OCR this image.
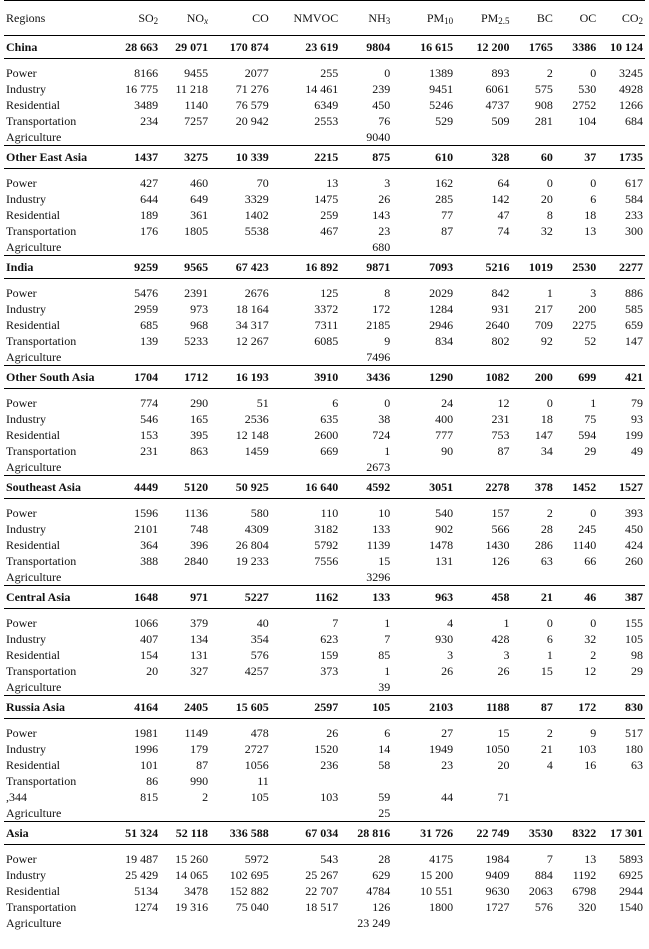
Regions	$SO_2$	$NO_x$	CO	NMVOC	$NH_3$	$PM_{10}$	$PM_{2.5}$	BC	OC	$CO_2$
China	28 663	29 071	170 874	23 619	9804	16 615	12 200	1765	3386	10 124

Power	8166	9455	2077	255	0	1389	893	2	0	3245
Industry	16 775	11 218	71 276	14 461	239	9451	6061	575	530	4928
Residential	3489	1140	76 579	6349	450	5246	4737	908	2752	1266
Transportation	234	7257	20 942	2553	76	529	509	281	104	684
Agriculture					9040					
Other East Asia	1437	3275	10 339	2215	875	610	328	60	37	1735

Power	427	460	70	13	3	162	64	0	0	617
Industry	644	649	3329	1475	26	285	142	20	6	584
Residential	189	361	1402	259	143	77	47	8	18	233
Transportation	176	1805	5538	467	23	87	74	32	13	300
Agriculture					680					
India	9259	9565	67 423	16 892	9871	7093	5216	1019	2530	2277

Power	5476	2391	2676	125	8	2029	842	1	3	886
Industry	2959	973	18 164	3372	172	1284	931	217	200	585
Residential	685	968	34 317	7311	2185	2946	2640	709	2275	659
Transportation	139	5233	12 267	6085	9	834	802	92	52	147
Agriculture					7496					
Other South Asia	1704	1712	16 193	3910	3436	1290	1082	200	699	421

Power	774	290	51	6	0	24	12	0	1	79
Industry	546	165	2536	635	38	400	231	18	75	93
Residential	153	395	12 148	2600	724	777	753	147	594	199
Transportation	231	863	1459	669	1	90	87	34	29	49
Agriculture					2673					
Southeast Asia	4449	5120	50 925	16 640	4592	3051	2278	378	1452	1527

Power	1596	1136	580	110	10	540	157	2	0	393
Industry	2101	748	4309	3182	133	902	566	28	245	450
Residential	364	396	26 804	5792	1139	1478	1430	286	1140	424
Transportation	388	2840	19 233	7556	15	131	126	63	66	260
Agriculture					3296					
Central Asia	1648	971	5227	1162	133	963	458	21	46	387

Power	1066	379	40	7	1	4	1	0	0	155
Industry	407	134	354	623	7	930	428	6	32	105
Residential	154	131	576	159	85	3	3	1	2	98
Transportation	20	327	4257	373	1	26	26	15	12	29
Agriculture					39					
Russia Asia	4164	2405	15 605	2597	105	2103	1188	87	172	830

Power	1981	1149	478	26	6	27	15	2	9	517
Industry	1996	179	2727	1520	14	1949	1050	21	103	180
Residential	101	87	1056	236	58	23	20	4	16	63
Transportation	86	990	11							
,344	815	2	105	103	59	44	71			
Agriculture					25					
Asia	51 324	52 118	336 588	67 034	28 816	31 726	22 749	3530	8322	17 301

Power	19 487	15 260	5972	543	28	4175	1984	7	13	5893
Industry	25 429	14 065	102 695	25 267	629	15 200	9409	884	1192	6925
Residential	5134	3478	152 882	22 707	4784	10 551	9630	2063	6798	2944
Transportation	1274	19 316	75 040	18 517	126	1800	1727	576	320	1540
Agriculture					23 249					
